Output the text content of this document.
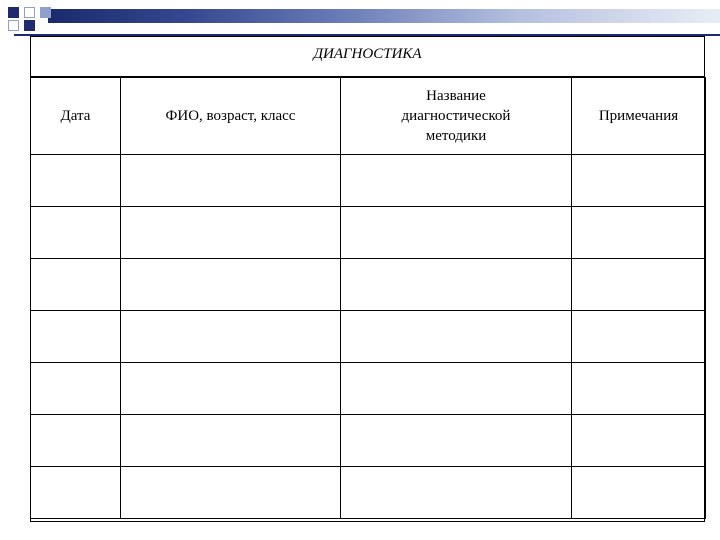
ДИАГНОСТИКА
Дата	ФИО, возраст, класс	Название
диагностической
методики	Примечания
